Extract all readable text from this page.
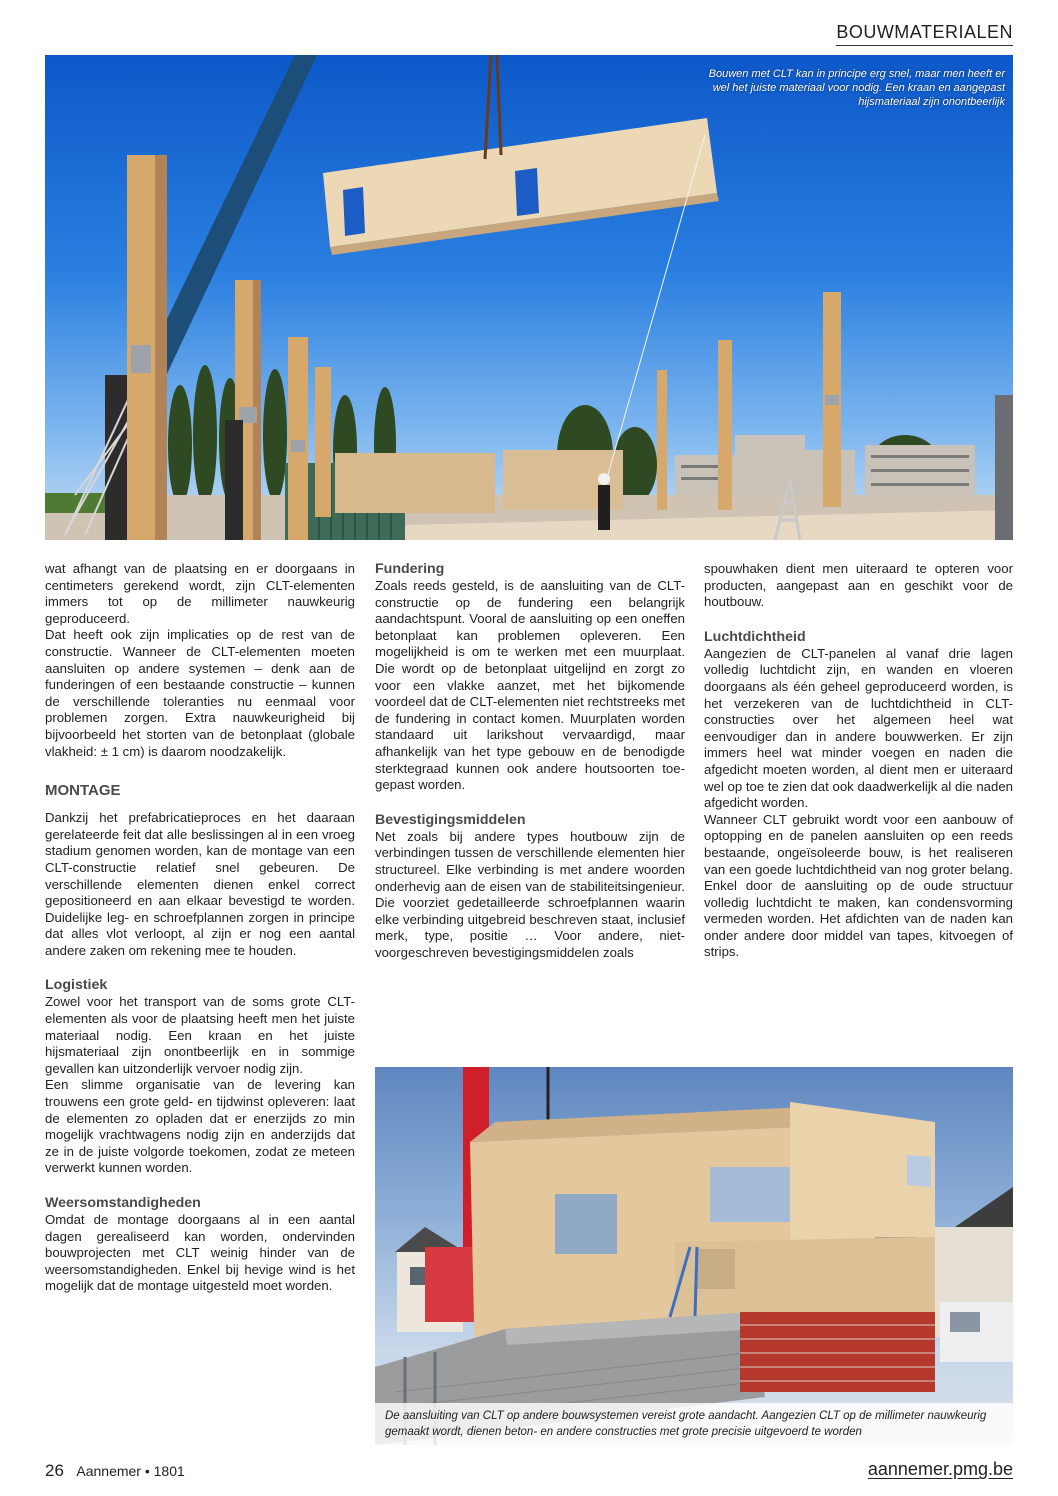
BOUWMATERIALEN
Bouwen met CLT kan in principe erg snel, maar men heeft er wel het juiste materiaal voor nodig. Een kraan en aangepast hijsmateriaal zijn onontbeerlijk

wat afhangt van de plaatsing en er doorgaans in centimeters gerekend wordt, zijn CLT-elementen immers tot op de millimeter nauwkeurig geproduceerd.

Dat heeft ook zijn implicaties op de rest van de constructie. Wanneer de CLT-elementen moeten aansluiten op andere systemen – denk aan de funderingen of een bestaande constructie – kunnen de verschillende toleranties nu eenmaal voor problemen zorgen. Extra nauwkeurigheid bij bijvoorbeeld het storten van de betonplaat (globale vlakheid: ± 1 cm) is daarom noodzakelijk.

MONTAGE

Dankzij het prefabricatieproces en het daaraan gerelateerde feit dat alle beslissingen al in een vroeg stadium genomen worden, kan de montage van een CLT-constructie relatief snel gebeuren. De verschillende elementen dienen enkel correct gepositioneerd en aan elkaar bevestigd te worden. Duidelijke leg- en schroefplannen zorgen in principe dat alles vlot verloopt, al zijn er nog een aantal andere zaken om rekening mee te houden.

Logistiek

Zowel voor het transport van de soms grote CLT-elementen als voor de plaatsing heeft men het juiste materiaal nodig. Een kraan en het juiste hijsmateriaal zijn onontbeerlijk en in sommige gevallen kan uitzonderlijk vervoer nodig zijn.

Een slimme organisatie van de levering kan trouwens een grote geld- en tijdwinst opleveren: laat de elementen zo opladen dat er enerzijds zo min mogelijk vrachtwagens nodig zijn en anderzijds dat ze in de juiste volgorde toekomen, zodat ze meteen verwerkt kunnen worden.

Weersomstandigheden

Omdat de montage doorgaans al in een aantal dagen gerealiseerd kan worden, ondervinden bouwprojecten met CLT weinig hinder van de weersomstandigheden. Enkel bij hevige wind is het mogelijk dat de montage uitgesteld moet worden.

Fundering

Zoals reeds gesteld, is de aansluiting van de CLT-constructie op de fundering een belangrijk aandachtspunt. Vooral de aansluiting op een oneffen betonplaat kan problemen opleveren. Een mogelijkheid is om te werken met een muurplaat. Die wordt op de betonplaat uitgelijnd en zorgt zo voor een vlakke aanzet, met het bijkomende voordeel dat de CLT-elementen niet rechtstreeks met de fundering in contact komen. Muurplaten worden standaard uit larikshout vervaardigd, maar afhankelijk van het type gebouw en de benodigde sterktegraad kunnen ook andere houtsoorten toegepast worden.

Bevestigingsmiddelen

Net zoals bij andere types houtbouw zijn de verbindingen tussen de verschillende elementen hier structureel. Elke verbinding is met andere woorden onderhevig aan de eisen van de stabiliteitsingenieur. Die voorziet gedetailleerde schroefplannen waarin elke verbinding uitgebreid beschreven staat, inclusief merk, type, positie … Voor andere, niet-voorgeschreven bevestigingsmiddelen zoals

spouwhaken dient men uiteraard te opteren voor producten, aangepast aan en geschikt voor de houtbouw.

Luchtdichtheid

Aangezien de CLT-panelen al vanaf drie lagen volledig luchtdicht zijn, en wanden en vloeren doorgaans als één geheel geproduceerd worden, is het verzekeren van de luchtdichtheid in CLT-constructies over het algemeen heel wat eenvoudiger dan in andere bouwwerken. Er zijn immers heel wat minder voegen en naden die afgedicht moeten worden, al dient men er uiteraard wel op toe te zien dat ook daadwerkelijk al die naden afgedicht worden.

Wanneer CLT gebruikt wordt voor een aanbouw of optopping en de panelen aansluiten op een reeds bestaande, ongeïsoleerde bouw, is het realiseren van een goede luchtdichtheid van nog groter belang. Enkel door de aansluiting op de oude structuur volledig luchtdicht te maken, kan condensvorming vermeden worden. Het afdichten van de naden kan onder andere door middel van tapes, kitvoegen of strips.

De aansluiting van CLT op andere bouwsystemen vereist grote aandacht. Aangezien CLT op de millimeter nauwkeurig gemaakt wordt, dienen beton- en andere constructies met grote precisie uitgevoerd te worden
26 Aannemer • 1801	aannemer.pmg.be
